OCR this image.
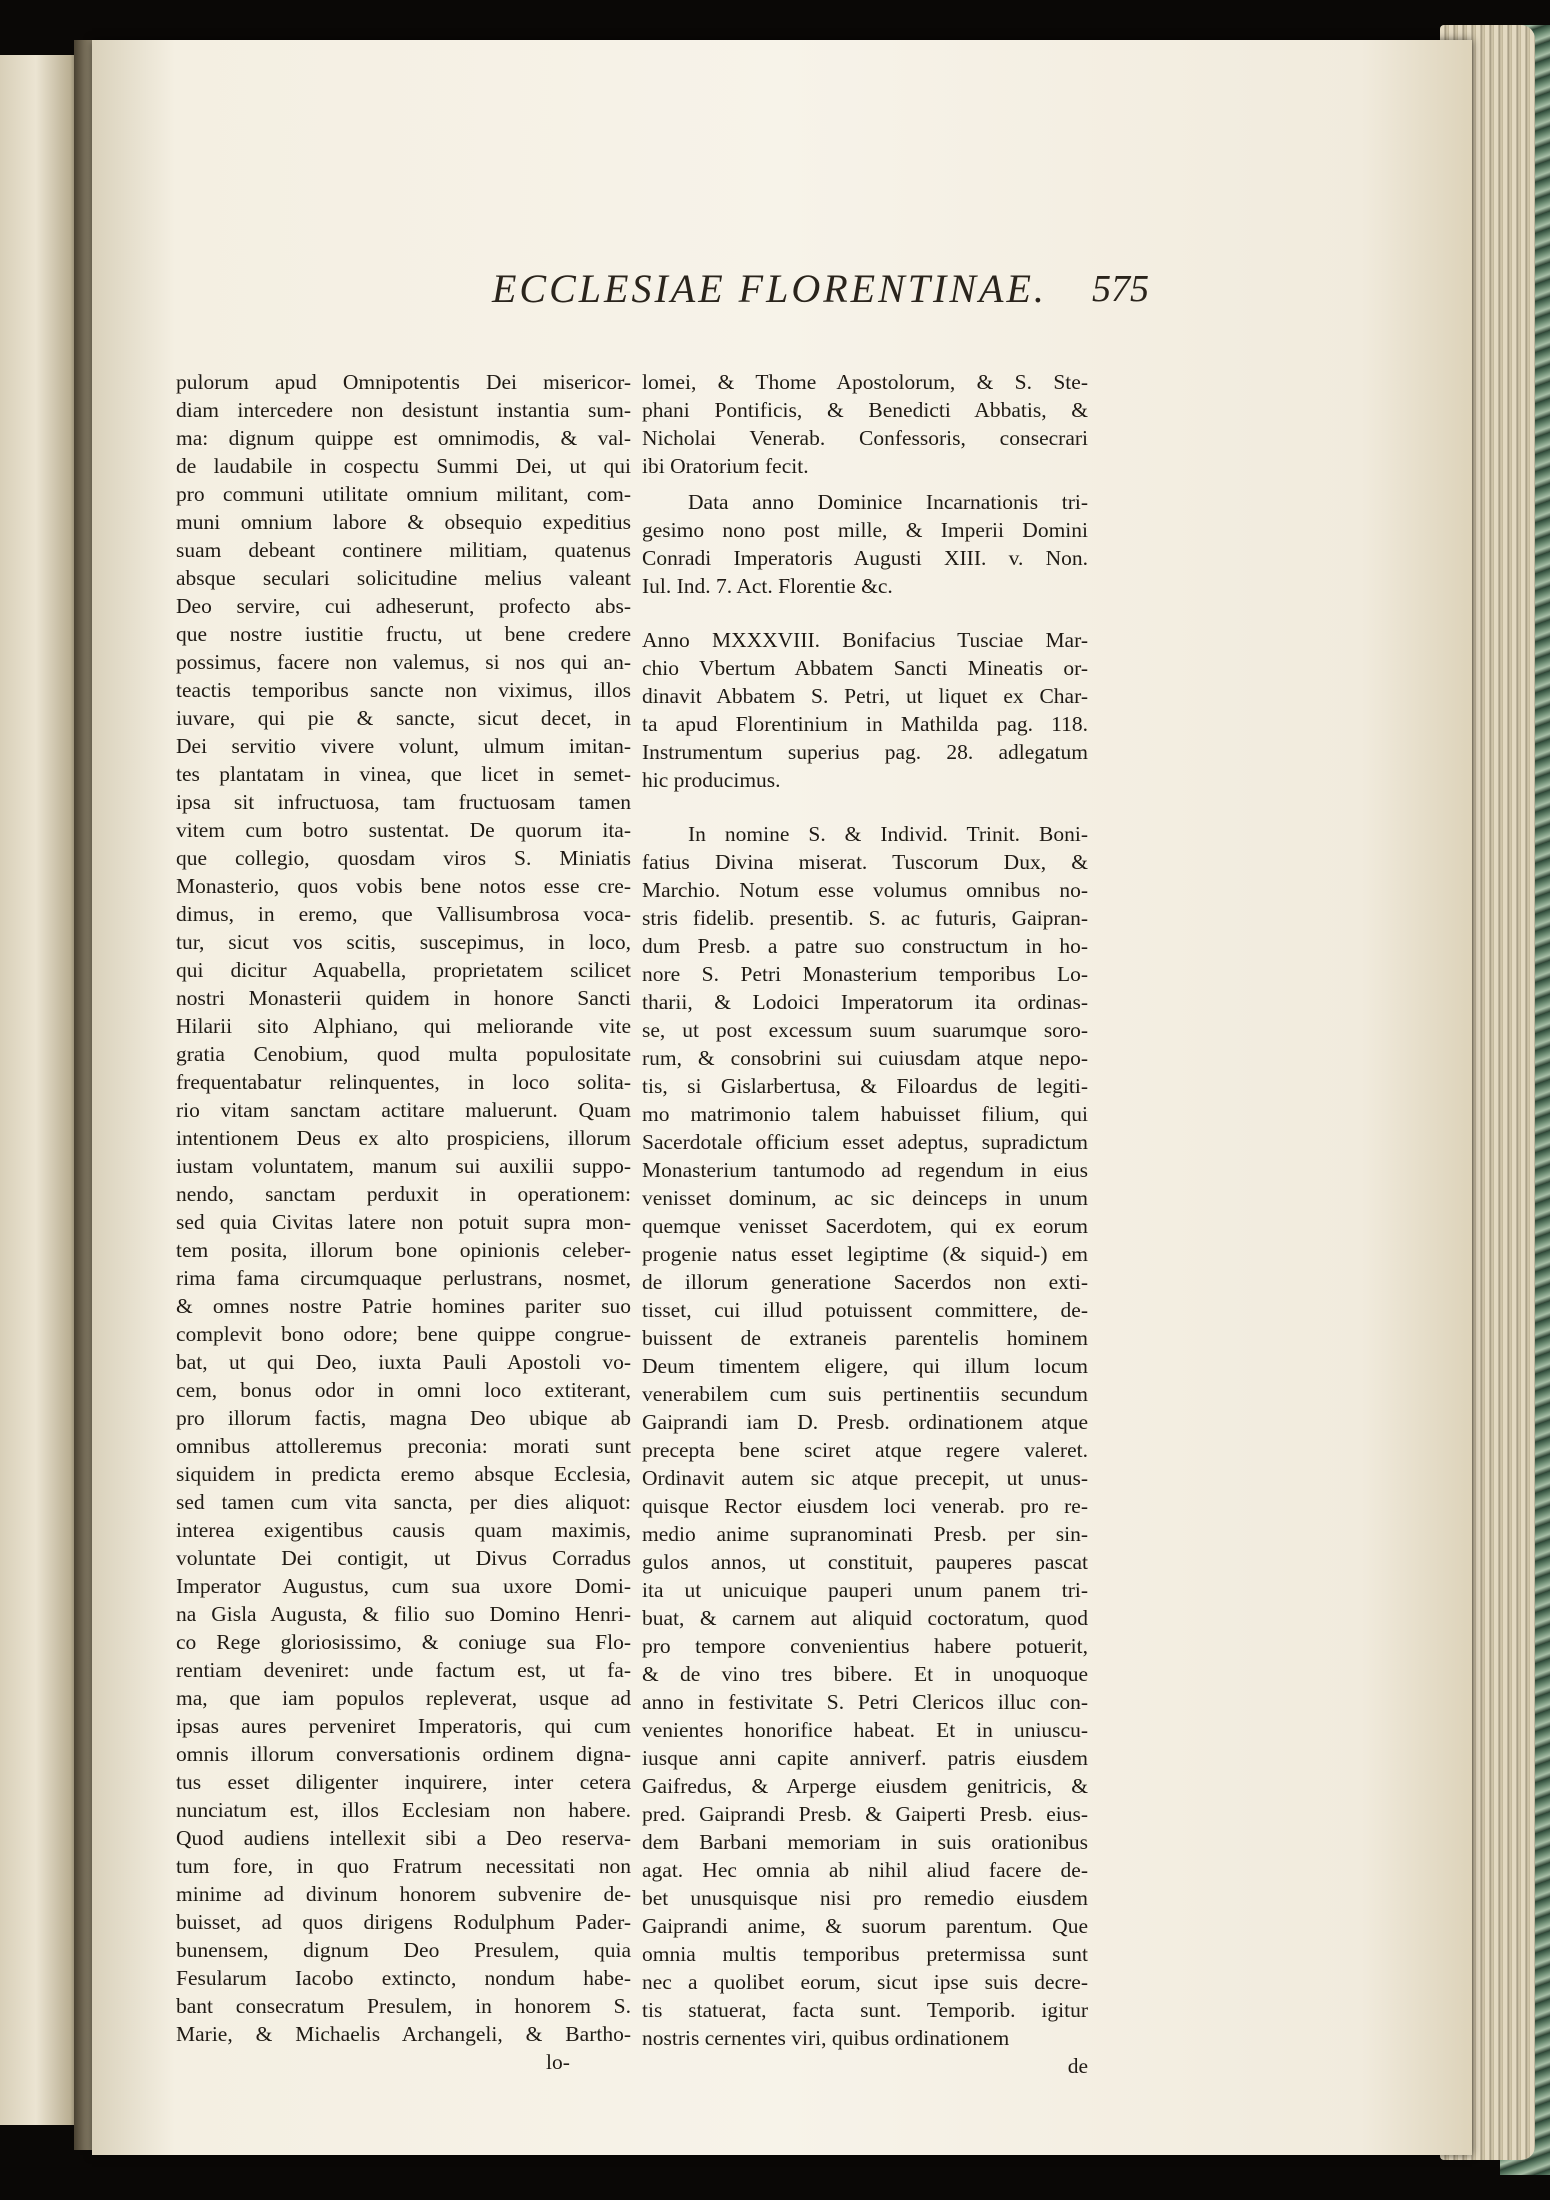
ECCLESIAE FLORENTINAE. 575
pulorum apud Omnipotentis Dei misericor-
diam intercedere non desistunt instantia sum-
ma: dignum quippe est omnimodis, & val-
de laudabile in cospectu Summi Dei, ut qui
pro communi utilitate omnium militant, com-
muni omnium labore & obsequio expeditius
suam debeant continere militiam, quatenus
absque seculari solicitudine melius valeant
Deo servire, cui adheserunt, profecto abs-
que nostre iustitie fructu, ut bene credere
possimus, facere non valemus, si nos qui an-
teactis temporibus sancte non viximus, illos
iuvare, qui pie & sancte, sicut decet, in
Dei servitio vivere volunt, ulmum imitan-
tes plantatam in vinea, que licet in semet-
ipsa sit infructuosa, tam fructuosam tamen
vitem cum botro sustentat. De quorum ita-
que collegio, quosdam viros S. Miniatis
Monasterio, quos vobis bene notos esse cre-
dimus, in eremo, que Vallisumbrosa voca-
tur, sicut vos scitis, suscepimus, in loco,
qui dicitur Aquabella, proprietatem scilicet
nostri Monasterii quidem in honore Sancti
Hilarii sito Alphiano, qui meliorande vite
gratia Cenobium, quod multa populositate
frequentabatur relinquentes, in loco solita-
rio vitam sanctam actitare maluerunt. Quam
intentionem Deus ex alto prospiciens, illorum
iustam voluntatem, manum sui auxilii suppo-
nendo, sanctam perduxit in operationem:
sed quia Civitas latere non potuit supra mon-
tem posita, illorum bone opinionis celeber-
rima fama circumquaque perlustrans, nosmet,
& omnes nostre Patrie homines pariter suo
complevit bono odore; bene quippe congrue-
bat, ut qui Deo, iuxta Pauli Apostoli vo-
cem, bonus odor in omni loco extiterant,
pro illorum factis, magna Deo ubique ab
omnibus attolleremus preconia: morati sunt
siquidem in predicta eremo absque Ecclesia,
sed tamen cum vita sancta, per dies aliquot:
interea exigentibus causis quam maximis,
voluntate Dei contigit, ut Divus Corradus
Imperator Augustus, cum sua uxore Domi-
na Gisla Augusta, & filio suo Domino Henri-
co Rege gloriosissimo, & coniuge sua Flo-
rentiam deveniret: unde factum est, ut fa-
ma, que iam populos repleverat, usque ad
ipsas aures perveniret Imperatoris, qui cum
omnis illorum conversationis ordinem digna-
tus esset diligenter inquirere, inter cetera
nunciatum est, illos Ecclesiam non habere.
Quod audiens intellexit sibi a Deo reserva-
tum fore, in quo Fratrum necessitati non
minime ad divinum honorem subvenire de-
buisset, ad quos dirigens Rodulphum Pader-
bunensem, dignum Deo Presulem, quia
Fesularum Iacobo extincto, nondum habe-
bant consecratum Presulem, in honorem S.
Marie, & Michaelis Archangeli, & Bartho-
lo-
lomei, & Thome Apostolorum, & S. Ste-
phani Pontificis, & Benedicti Abbatis, &
Nicholai Venerab. Confessoris, consecrari
ibi Oratorium fecit.
Data anno Dominice Incarnationis tri-
gesimo nono post mille, & Imperii Domini
Conradi Imperatoris Augusti XIII. v. Non.
Iul. Ind. 7. Act. Florentie &c.
Anno MXXXVIII. Bonifacius Tusciae Mar-
chio Vbertum Abbatem Sancti Mineatis or-
dinavit Abbatem S. Petri, ut liquet ex Char-
ta apud Florentinium in Mathilda pag. 118.
Instrumentum superius pag. 28. adlegatum
hic producimus.
In nomine S. & Individ. Trinit. Boni-
fatius Divina miserat. Tuscorum Dux, &
Marchio. Notum esse volumus omnibus no-
stris fidelib. presentib. S. ac futuris, Gaipran-
dum Presb. a patre suo constructum in ho-
nore S. Petri Monasterium temporibus Lo-
tharii, & Lodoici Imperatorum ita ordinas-
se, ut post excessum suum suarumque soro-
rum, & consobrini sui cuiusdam atque nepo-
tis, si Gislarbertusa, & Filoardus de legiti-
mo matrimonio talem habuisset filium, qui
Sacerdotale officium esset adeptus, supradictum
Monasterium tantumodo ad regendum in eius
venisset dominum, ac sic deinceps in unum
quemque venisset Sacerdotem, qui ex eorum
progenie natus esset legiptime (& siquid-) em
de illorum generatione Sacerdos non exti-
tisset, cui illud potuissent committere, de-
buissent de extraneis parentelis hominem
Deum timentem eligere, qui illum locum
venerabilem cum suis pertinentiis secundum
Gaiprandi iam D. Presb. ordinationem atque
precepta bene sciret atque regere valeret.
Ordinavit autem sic atque precepit, ut unus-
quisque Rector eiusdem loci venerab. pro re-
medio anime supranominati Presb. per sin-
gulos annos, ut constituit, pauperes pascat
ita ut unicuique pauperi unum panem tri-
buat, & carnem aut aliquid coctoratum, quod
pro tempore convenientius habere potuerit,
& de vino tres bibere. Et in unoquoque
anno in festivitate S. Petri Clericos illuc con-
venientes honorifice habeat. Et in uniuscu-
iusque anni capite anniverf. patris eiusdem
Gaifredus, & Arperge eiusdem genitricis, &
pred. Gaiprandi Presb. & Gaiperti Presb. eius-
dem Barbani memoriam in suis orationibus
agat. Hec omnia ab nihil aliud facere de-
bet unusquisque nisi pro remedio eiusdem
Gaiprandi anime, & suorum parentum. Que
omnia multis temporibus pretermissa sunt
nec a quolibet eorum, sicut ipse suis decre-
tis statuerat, facta sunt. Temporib. igitur
nostris cernentes viri, quibus ordinationem
de
